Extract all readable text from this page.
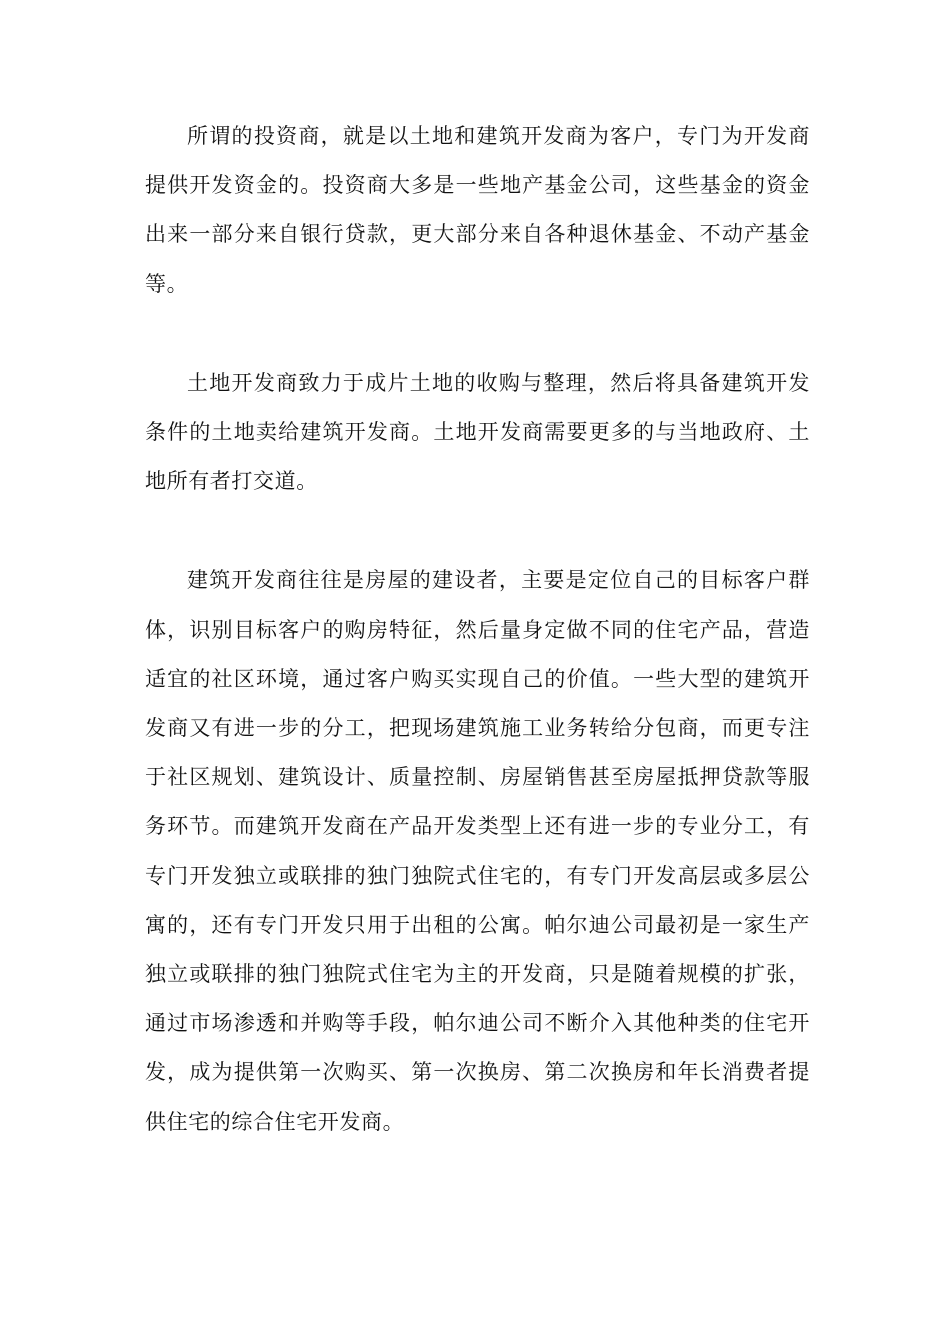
所谓的投资商，就是以土地和建筑开发商为客户，专门为开发商提供开发资金的。投资商大多是一些地产基金公司，这些基金的资金出来一部分来自银行贷款，更大部分来自各种退休基金、不动产基金等。

土地开发商致力于成片土地的收购与整理，然后将具备建筑开发条件的土地卖给建筑开发商。土地开发商需要更多的与当地政府、土地所有者打交道。

建筑开发商往往是房屋的建设者，主要是定位自己的目标客户群体，识别目标客户的购房特征，然后量身定做不同的住宅产品，营造适宜的社区环境，通过客户购买实现自己的价值。一些大型的建筑开发商又有进一步的分工，把现场建筑施工业务转给分包商，而更专注于社区规划、建筑设计、质量控制、房屋销售甚至房屋抵押贷款等服务环节。而建筑开发商在产品开发类型上还有进一步的专业分工，有专门开发独立或联排的独门独院式住宅的，有专门开发高层或多层公寓的，还有专门开发只用于出租的公寓。帕尔迪公司最初是一家生产独立或联排的独门独院式住宅为主的开发商，只是随着规模的扩张，通过市场渗透和并购等手段，帕尔迪公司不断介入其他种类的住宅开发，成为提供第一次购买、第一次换房、第二次换房和年长消费者提供住宅的综合住宅开发商。
